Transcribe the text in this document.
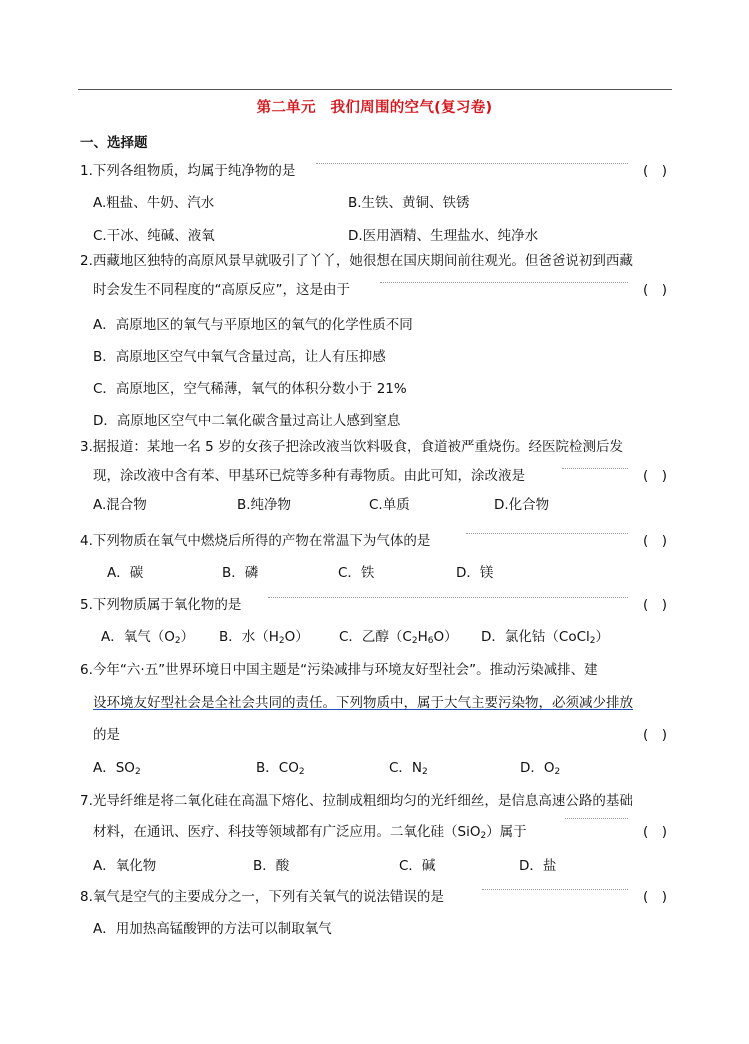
第二单元　我们周围的空气(复习卷)
一、选择题
1.下列各组物质，均属于纯净物的是	(　)
A.粗盐、牛奶、汽水	B.生铁、黄铜、铁锈
C.干冰、纯碱、液氧	D.医用酒精、生理盐水、纯净水
2.西藏地区独特的高原风景早就吸引了丫丫，她很想在国庆期间前往观光。但爸爸说初到西藏
时会发生不同程度的“高原反应”，这是由于	(　)
A．高原地区的氧气与平原地区的氧气的化学性质不同
B．高原地区空气中氧气含量过高，让人有压抑感
C．高原地区，空气稀薄，氧气的体积分数小于 21%
D．高原地区空气中二氧化碳含量过高让人感到窒息
3.据报道：某地一名 5 岁的女孩子把涂改液当饮料吸食，食道被严重烧伤。经医院检测后发
现，涂改液中含有苯、甲基环已烷等多种有毒物质。由此可知，涂改液是	(　)
A.混合物	B.纯净物	C.单质	D.化合物
4.下列物质在氧气中燃烧后所得的产物在常温下为气体的是	(　)
A．碳	B．磷	C．铁	D．镁
5.下列物质属于氧化物的是	(　)
A．氧气$(O_2)$ B．水$(H_2O)$ C．乙醇$(C_2H_6O)$ D．氯化钴（CoCl$_2$）
6.今年“六·五”世界环境日中国主题是“污染减排与环境友好型社会”。推动污染减排、建
设环境友好型社会是全社会共同的责任。下列物质中，属于大气主要污染物，必须减少排放
的是	(　)
A．$SO_2$	B．$CO_2$	C．$N_2$	D．$O_2$
7.光导纤维是将二氧化硅在高温下熔化、拉制成粗细均匀的光纤细丝，是信息高速公路的基础
材料，在通讯、医疗、科技等领域都有广泛应用。二氧化硅（SiO$_2$）属于	(　)
A．氧化物	B．酸	C．碱	D．盐
8.氧气是空气的主要成分之一，下列有关氧气的说法错误的是	(　)
A．用加热高锰酸钾的方法可以制取氧气
